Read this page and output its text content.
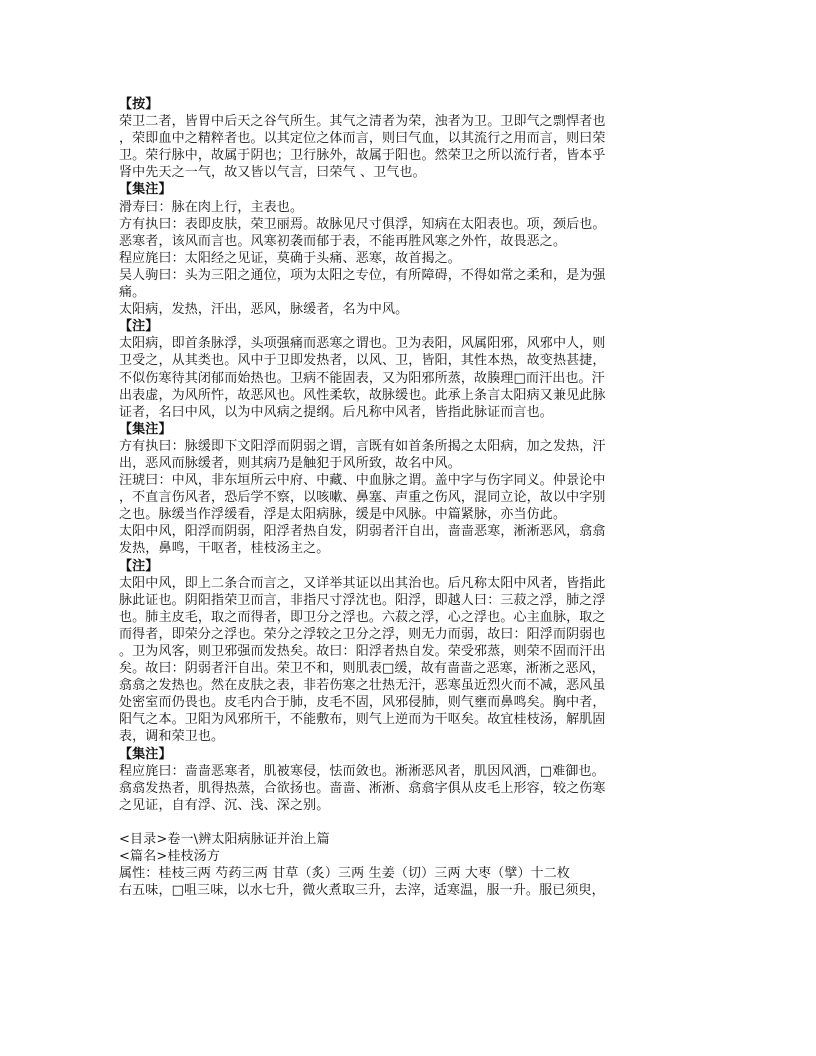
【按】
荣卫二者，皆胃中后天之谷气所生。其气之清者为荣，浊者为卫。卫即气之剽悍者也
，荣即血中之精粹者也。以其定位之体而言，则曰气血，以其流行之用而言，则曰荣
卫。荣行脉中，故属于阴也；卫行脉外，故属于阳也。然荣卫之所以流行者，皆本乎
肾中先天之一气，故又皆以气言，曰荣气 、卫气也。
【集注】
滑寿曰：脉在肉上行，主表也。
方有执曰：表即皮肤，荣卫丽焉。故脉见尺寸俱浮，知病在太阳表也。项，颈后也。
恶寒者，该风而言也。风寒初袭而郁于表，不能再胜风寒之外忤，故畏恶之。
程应旄曰：太阳经之见证，莫确于头痛、恶寒，故首揭之。
吴人驹曰：头为三阳之通位，项为太阳之专位，有所障碍，不得如常之柔和，是为强
痛。
太阳病，发热，汗出，恶风，脉缓者，名为中风。
【注】
太阳病，即首条脉浮，头项强痛而恶寒之谓也。卫为表阳，风属阳邪，风邪中人，则
卫受之，从其类也。风中于卫即发热者，以风、卫，皆阳，其性本热，故变热甚捷，
不似伤寒待其闭郁而始热也。卫病不能固表，又为阳邪所蒸，故腠理□而汗出也。汗
出表虚，为风所忤，故恶风也。风性柔软，故脉缓也。此承上条言太阳病又兼见此脉
证者，名曰中风，以为中风病之提纲。后凡称中风者，皆指此脉证而言也。
【集注】
方有执曰：脉缓即下文阳浮而阴弱之谓，言既有如首条所揭之太阳病，加之发热，汗
出，恶风而脉缓者，则其病乃是触犯于风所致，故名中风。
汪琥曰：中风，非东垣所云中府、中藏、中血脉之谓。盖中字与伤字同义。仲景论中
，不直言伤风者，恐后学不察，以咳嗽、鼻塞、声重之伤风，混同立论，故以中字别
之也。脉缓当作浮缓看，浮是太阳病脉，缓是中风脉。中篇紧脉，亦当仿此。
太阳中风，阳浮而阴弱，阳浮者热自发，阴弱者汗自出，啬啬恶寒，淅淅恶风，翕翕
发热，鼻鸣，干呕者，桂枝汤主之。
【注】
太阳中风，即上二条合而言之，又详举其证以出其治也。后凡称太阳中风者，皆指此
脉此证也。阴阳指荣卫而言，非指尺寸浮沈也。阳浮，即越人曰：三菽之浮，肺之浮
也。肺主皮毛，取之而得者，即卫分之浮也。六菽之浮，心之浮也。心主血脉，取之
而得者，即荣分之浮也。荣分之浮较之卫分之浮，则无力而弱，故曰：阳浮而阴弱也
。卫为风客，则卫邪强而发热矣。故曰：阳浮者热自发。荣受邪蒸，则荣不固而汗出
矣。故曰：阴弱者汗自出。荣卫不和，则肌表□缓，故有啬啬之恶寒，淅淅之恶风，
翕翕之发热也。然在皮肤之表，非若伤寒之壮热无汗，恶寒虽近烈火而不减，恶风虽
处密室而仍畏也。皮毛内合于肺，皮毛不固，风邪侵肺，则气壅而鼻鸣矣。胸中者，
阳气之本。卫阳为风邪所干，不能敷布，则气上逆而为干呕矣。故宜桂枝汤，解肌固
表，调和荣卫也。
【集注】
程应旄曰：啬啬恶寒者，肌被寒侵，怯而敛也。淅淅恶风者，肌因风洒，□难御也。
翕翕发热者，肌得热蒸，合欲扬也。啬啬、淅淅、翕翕字俱从皮毛上形容，较之伤寒
之见证，自有浮、沉、浅、深之别。
<目录>卷一\辨太阳病脉证并治上篇
<篇名>桂枝汤方
属性：桂枝三两 芍药三两 甘草（炙）三两 生姜（切）三两 大枣（擘）十二枚
右五味，□咀三味，以水七升，微火煮取三升，去滓，适寒温，服一升。服已须臾，
